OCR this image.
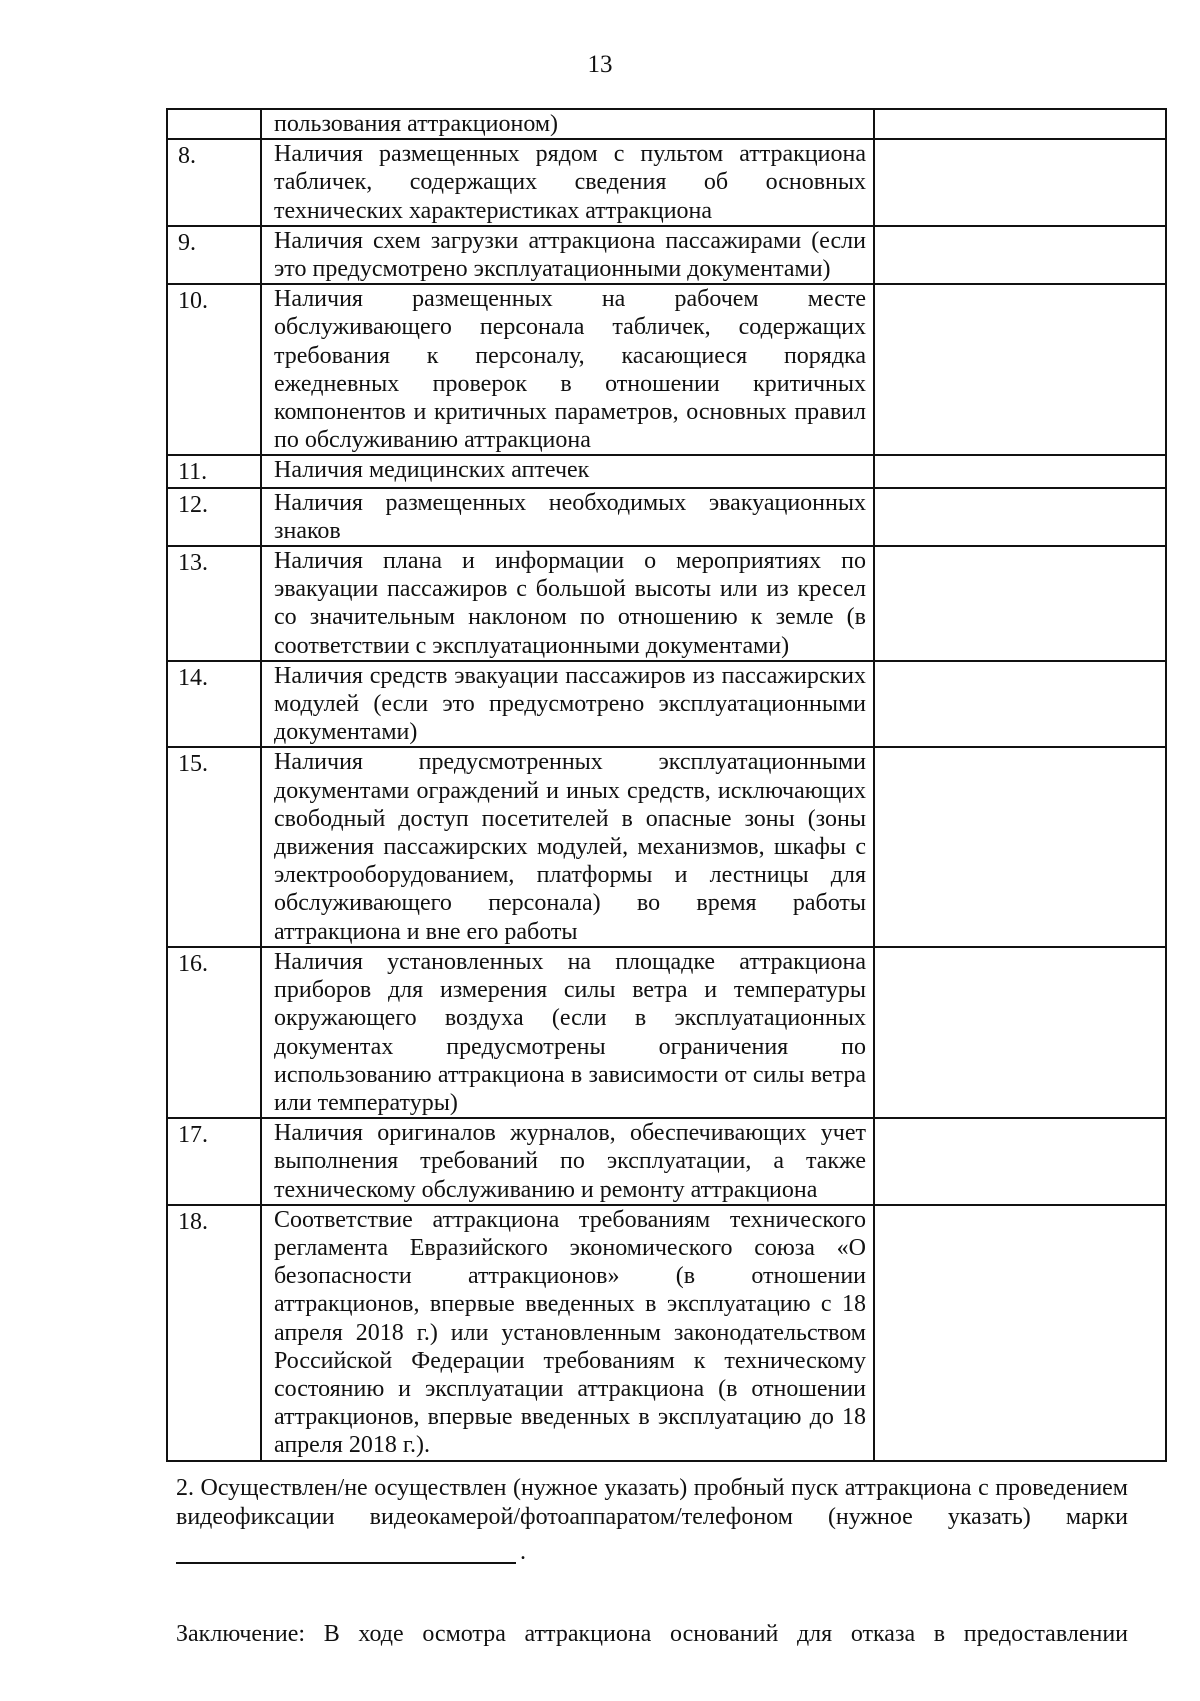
13
	пользования аттракционом)	
8.	Наличия размещенных рядом с пультом аттракциона табличек, содержащих сведения об основных технических характеристиках аттракциона	
9.	Наличия схем загрузки аттракциона пассажирами (если это предусмотрено эксплуатационными документами)	
10.	Наличия размещенных на рабочем месте обслуживающего персонала табличек, содержащих требования к персоналу, касающиеся порядка ежедневных проверок в отношении критичных компонентов и критичных параметров, основных правил по обслуживанию аттракциона	
11.	Наличия медицинских аптечек	
12.	Наличия размещенных необходимых эвакуационных знаков	
13.	Наличия плана и информации о мероприятиях по эвакуации пассажиров с большой высоты или из кресел со значительным наклоном по отношению к земле (в соответствии с эксплуатационными документами)	
14.	Наличия средств эвакуации пассажиров из пассажирских модулей (если это предусмотрено эксплуатационными документами)	
15.	Наличия предусмотренных эксплуатационными документами ограждений и иных средств, исключающих свободный доступ посетителей в опасные зоны (зоны движения пассажирских модулей, механизмов, шкафы с электрооборудованием, платформы и лестницы для обслуживающего персонала) во время работы аттракциона и вне его работы	
16.	Наличия установленных на площадке аттракциона приборов для измерения силы ветра и температуры окружающего воздуха (если в эксплуатационных документах предусмотрены ограничения по использованию аттракциона в зависимости от силы ветра или температуры)	
17.	Наличия оригиналов журналов, обеспечивающих учет выполнения требований по эксплуатации, а также техническому обслуживанию и ремонту аттракциона	
18.	Соответствие аттракциона требованиям технического регламента Евразийского экономического союза «О безопасности аттракционов» (в отношении аттракционов, впервые введенных в эксплуатацию с 18 апреля 2018 г.) или установленным законодательством Российской Федерации требованиям к техническому состоянию и эксплуатации аттракциона (в отношении аттракционов, впервые введенных в эксплуатацию до 18 апреля 2018 г.).	
2. Осуществлен/не осуществлен (нужное указать) пробный пуск аттракциона с проведением
видеофиксации видеокамерой/фотоаппаратом/телефоном (нужное указать) марки
.
Заключение: В ходе осмотра аттракциона оснований для отказа в предоставлении
